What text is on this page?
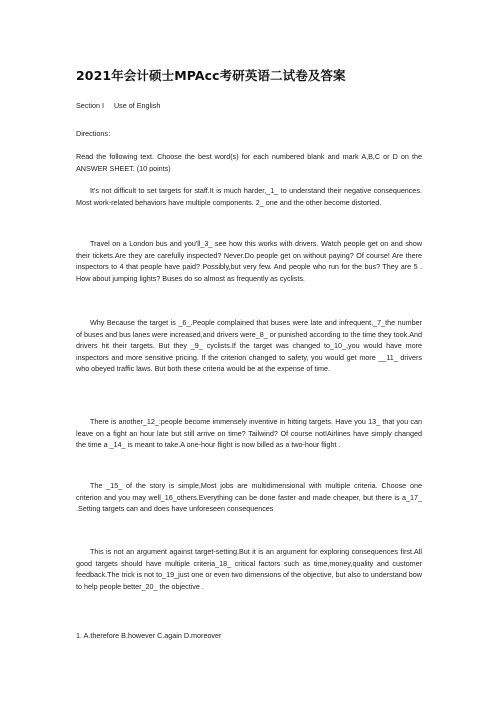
2021年会计硕士MPAcc考研英语二试卷及答案
Section I Use of English
Directions：

Read the following text. Choose the best word(s) for each numbered blank and mark A,B,C or D on the ANSWER SHEET. (10 points)

It's not difficult to set targets for staff.It is much harder,_1_ to understand their negative consequences. Most work-related behaviors have multiple components. 2_ one and the other become distorted.

Travel on a London bus and you'll_3_ see how this works with drivers. Watch people get on and show their tickets.Are they are carefully inspected? Never.Do people get on without paying? Of course! Are there inspectors to 4 that people have paid? Possibly,but very few. And people who run for the bus? They are 5 . How about jumping lights? Buses do so almost as frequently as cyclists.

Why Because the target is _6_.People complained that buses were late and infrequent,_7_the number of buses and bus lanes were increased,and drivers were_8_ or punished according to the time they took.And drivers hit their targets. But they _9_ cyclists.If the target was changed to_10_,you would have more inspectors and more sensitive pricing. If the criterion changed to safety, you would get more __11_ drivers who obeyed traffic laws. But both these criteria would be at the expense of time.

There is another_12_:people become immensely inventive in hitting targets. Have you 13_ that you can leave on a fight an hour late but still arrive on time? Tailwind? Of course not!Airlines have simply changed the time a _14_ is meant to take.A one-hour flight is now billed as a two-hour flight .

The _15_ of the story is simple,Most jobs are multidimensional with multiple criteria. Choose one criterion and you may well_16_others.Everything can be done faster and made cheaper, but there is a_17_ .Setting targets can and does have unforeseen consequences

This is not an argument against target-setting.But it is an argument for exploring consequences first.All good targets should have multiple criteria_18_ critical factors such as time,money,quality and customer feedback.The trick is not to_19_just one or even two dimensions of the objective, but also to understand bow to help people better_20_ the objective .

1. A.therefore B.however C.again D.moreover
